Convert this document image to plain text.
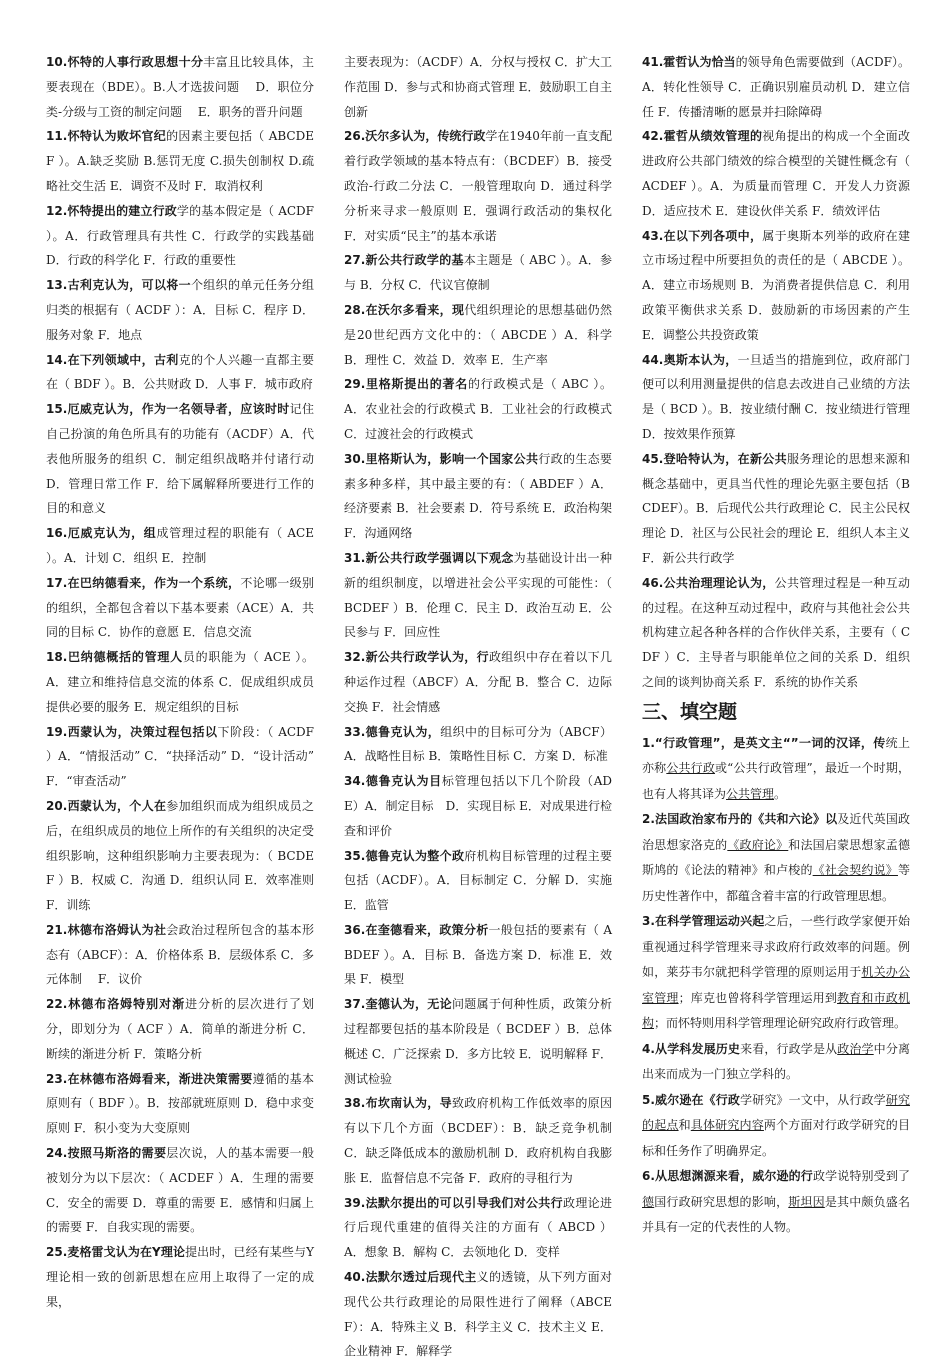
10.怀特的人事行政思想十分丰富且比较具体，主要表现在（BDE）。B.人才选拔问题　 D．职位分类-分级与工资的制定问题　 E．职务的晋升问题

11.怀特认为败坏官纪的因素主要包括（ ABCDEF ）。A.缺乏奖励 B.惩罚无度 C.损失创制权 D.疏略社交生活 E．调资不及时 F．取消权利

12.怀特提出的建立行政学的基本假定是（ ACDF ）。A．行政管理具有共性 C．行政学的实践基础 D．行政的科学化 F．行政的重要性

13.古利克认为，可以将一个组织的单元任务分组归类的根据有（ ACDF ）：A．目标 C．程序 D．服务对象 F．地点

14.在下列领域中，古利克的个人兴趣一直都主要在（ BDF ）。B．公共财政 D．人事 F．城市政府

15.厄威克认为，作为一名领导者，应该时时记住自己扮演的角色所具有的功能有（ACDF）A．代表他所服务的组织 C．制定组织战略并付诸行动 D．管理日常工作 F．给下属解释所要进行工作的目的和意义

16.厄威克认为，组成管理过程的职能有（ ACE ）。A．计划 C．组织 E．控制

17.在巴纳德看来，作为一个系统，不论哪一级别的组织，全都包含着以下基本要素（ACE）A．共同的目标 C．协作的意愿 E．信息交流

18.巴纳德概括的管理人员的职能为（ ACE ）。A．建立和维持信息交流的体系 C．促成组织成员提供必要的服务 E．规定组织的目标

19.西蒙认为，决策过程包括以下阶段：（ ACDF ）A．“情报活动” C．“抉择活动” D．“设计活动” F．“审查活动”

20.西蒙认为，个人在参加组织而成为组织成员之后，在组织成员的地位上所作的有关组织的决定受组织影响，这种组织影响力主要表现为：（ BCDEF ）B．权威 C．沟通 D．组织认同 E．效率准则 F．训练

21.林德布洛姆认为社会政治过程所包含的基本形态有（ABCF）：A．价格体系 B．层级体系 C．多元体制　 F．议价

22.林德布洛姆特别对渐进分析的层次进行了划分，即划分为（ ACF ）A．简单的渐进分析 C．断续的渐进分析 F．策略分析

23.在林德布洛姆看来，渐进决策需要遵循的基本原则有（ BDF ）。B．按部就班原则 D．稳中求变原则 F．积小变为大变原则

24.按照马斯洛的需要层次说，人的基本需要一般被划分为以下层次：（ ACDEF ）A．生理的需要　C．安全的需要 D．尊重的需要 E．感情和归属上的需要 F．自我实现的需要。

25.麦格雷戈认为在Y理论提出时，已经有某些与Y理论相一致的创新思想在应用上取得了一定的成果，

主要表现为：（ACDF）A．分权与授权 C．扩大工作范围 D．参与式和协商式管理 E．鼓励职工自主创新

26.沃尔多认为，传统行政学在1940年前一直支配着行政学领域的基本特点有：（BCDEF）B．接受政治-行政二分法 C．一般管理取向 D．通过科学分析来寻求一般原则 E．强调行政活动的集权化 F．对实质“民主”的基本承诺

27.新公共行政学的基本主题是（ ABC ）。A．参与 B．分权 C．代议官僚制

28.在沃尔多看来，现代组织理论的思想基础仍然是20世纪西方文化中的：（ ABCDE ）A．科学 B．理性 C．效益 D．效率 E．生产率

29.里格斯提出的著名的行政模式是（ ABC ）。A．农业社会的行政模式 B．工业社会的行政模式 C．过渡社会的行政模式

30.里格斯认为，影响一个国家公共行政的生态要素多种多样，其中最主要的有：（ ABDEF ）A．经济要素 B．社会要素 D．符号系统 E．政治构架 F．沟通网络

31.新公共行政学强调以下观念为基础设计出一种新的组织制度，以增进社会公平实现的可能性：（ BCDEF ）B．伦理 C．民主 D．政治互动 E．公民参与 F．回应性

32.新公共行政学认为，行政组织中存在着以下几种运作过程（ABCF）A．分配 B．整合 C．边际交换 F．社会情感

33.德鲁克认为，组织中的目标可分为（ABCF）A．战略性目标 B．策略性目标 C．方案 D．标准

34.德鲁克认为目标管理包括以下几个阶段（ADE）A．制定目标　D．实现目标 E．对成果进行检查和评价

35.德鲁克认为整个政府机构目标管理的过程主要包括（ACDF）。A．目标制定 C．分解 D．实施 E．监管

36.在奎德看来，政策分析一般包括的要素有（ ABDEF ）。A．目标 B．备选方案 D．标准 E．效果 F．模型

37.奎德认为，无论问题属于何种性质，政策分析过程都要包括的基本阶段是（ BCDEF ）B．总体概述 C．广泛探索 D．多方比较 E．说明解释 F．测试检验

38.布坎南认为，导致政府机构工作低效率的原因有以下几个方面（BCDEF）：B．缺乏竞争机制 C．缺乏降低成本的激励机制 D．政府机构自我膨胀 E．监督信息不完备 F．政府的寻租行为

39.法默尔提出的可以引导我们对公共行政理论进行后现代重建的值得关注的方面有（ ABCD ）A．想象 B．解构 C．去领地化 D．变样

40.法默尔透过后现代主义的透镜，从下列方面对现代公共行政理论的局限性进行了阐释（ABCEF）：A．特殊主义 B．科学主义 C．技术主义 E．企业精神 F．解释学

41.霍哲认为恰当的领导角色需要做到（ACDF）。A．转化性领导 C．正确识别雇员动机 D．建立信任 F．传播清晰的愿景并扫除障碍

42.霍哲从绩效管理的视角提出的构成一个全面改进政府公共部门绩效的综合模型的关键性概念有（ ACDEF ）。A．为质量而管理 C．开发人力资源 D．适应技术 E．建设伙伴关系 F．绩效评估

43.在以下列各项中，属于奥斯本列举的政府在建立市场过程中所要担负的责任的是（ ABCDE ）。A．建立市场规则 B．为消费者提供信息 C．利用政策平衡供求关系 D．鼓励新的市场因素的产生 E．调整公共投资政策

44.奥斯本认为，一旦适当的措施到位，政府部门便可以利用测量提供的信息去改进自己业绩的方法是（ BCD ）。B．按业绩付酬 C．按业绩进行管理 D．按效果作预算

45.登哈特认为，在新公共服务理论的思想来源和概念基础中，更具当代性的理论先驱主要包括（BCDEF）。B．后现代公共行政理论 C．民主公民权理论 D．社区与公民社会的理论 E．组织人本主义 F．新公共行政学

46.公共治理理论认为，公共管理过程是一种互动的过程。在这种互动过程中，政府与其他社会公共机构建立起各种各样的合作伙伴关系，主要有（ CDF ）C．主导者与职能单位之间的关系 D．组织之间的谈判协商关系 F．系统的协作关系

三、填空题

1.“行政管理”，是英文主“”一词的汉译，传统上亦称公共行政或“公共行政管理”，最近一个时期，也有人将其译为公共管理。

2.法国政治家布丹的《共和六论》以及近代英国政治思想家洛克的《政府论》和法国启蒙思想家孟德斯鸠的《论法的精神》和卢梭的《社会契约说》等历史性著作中，都蕴含着丰富的行政管理思想。

3.在科学管理运动兴起之后，一些行政学家便开始重视通过科学管理来寻求政府行政效率的问题。例如，莱芬韦尔就把科学管理的原则运用于机关办公室管理；库克也曾将科学管理运用到教育和市政机构；而怀特则用科学管理理论研究政府行政管理。

4.从学科发展历史来看，行政学是从政治学中分离出来而成为一门独立学科的。

5.威尔逊在《行政学研究》一文中，从行政学研究的起点和具体研究内容两个方面对行政学研究的目标和任务作了明确界定。

6.从思想渊源来看，威尔逊的行政学说特别受到了德国行政研究思想的影响，斯坦因是其中颇负盛名并具有一定的代表性的人物。
